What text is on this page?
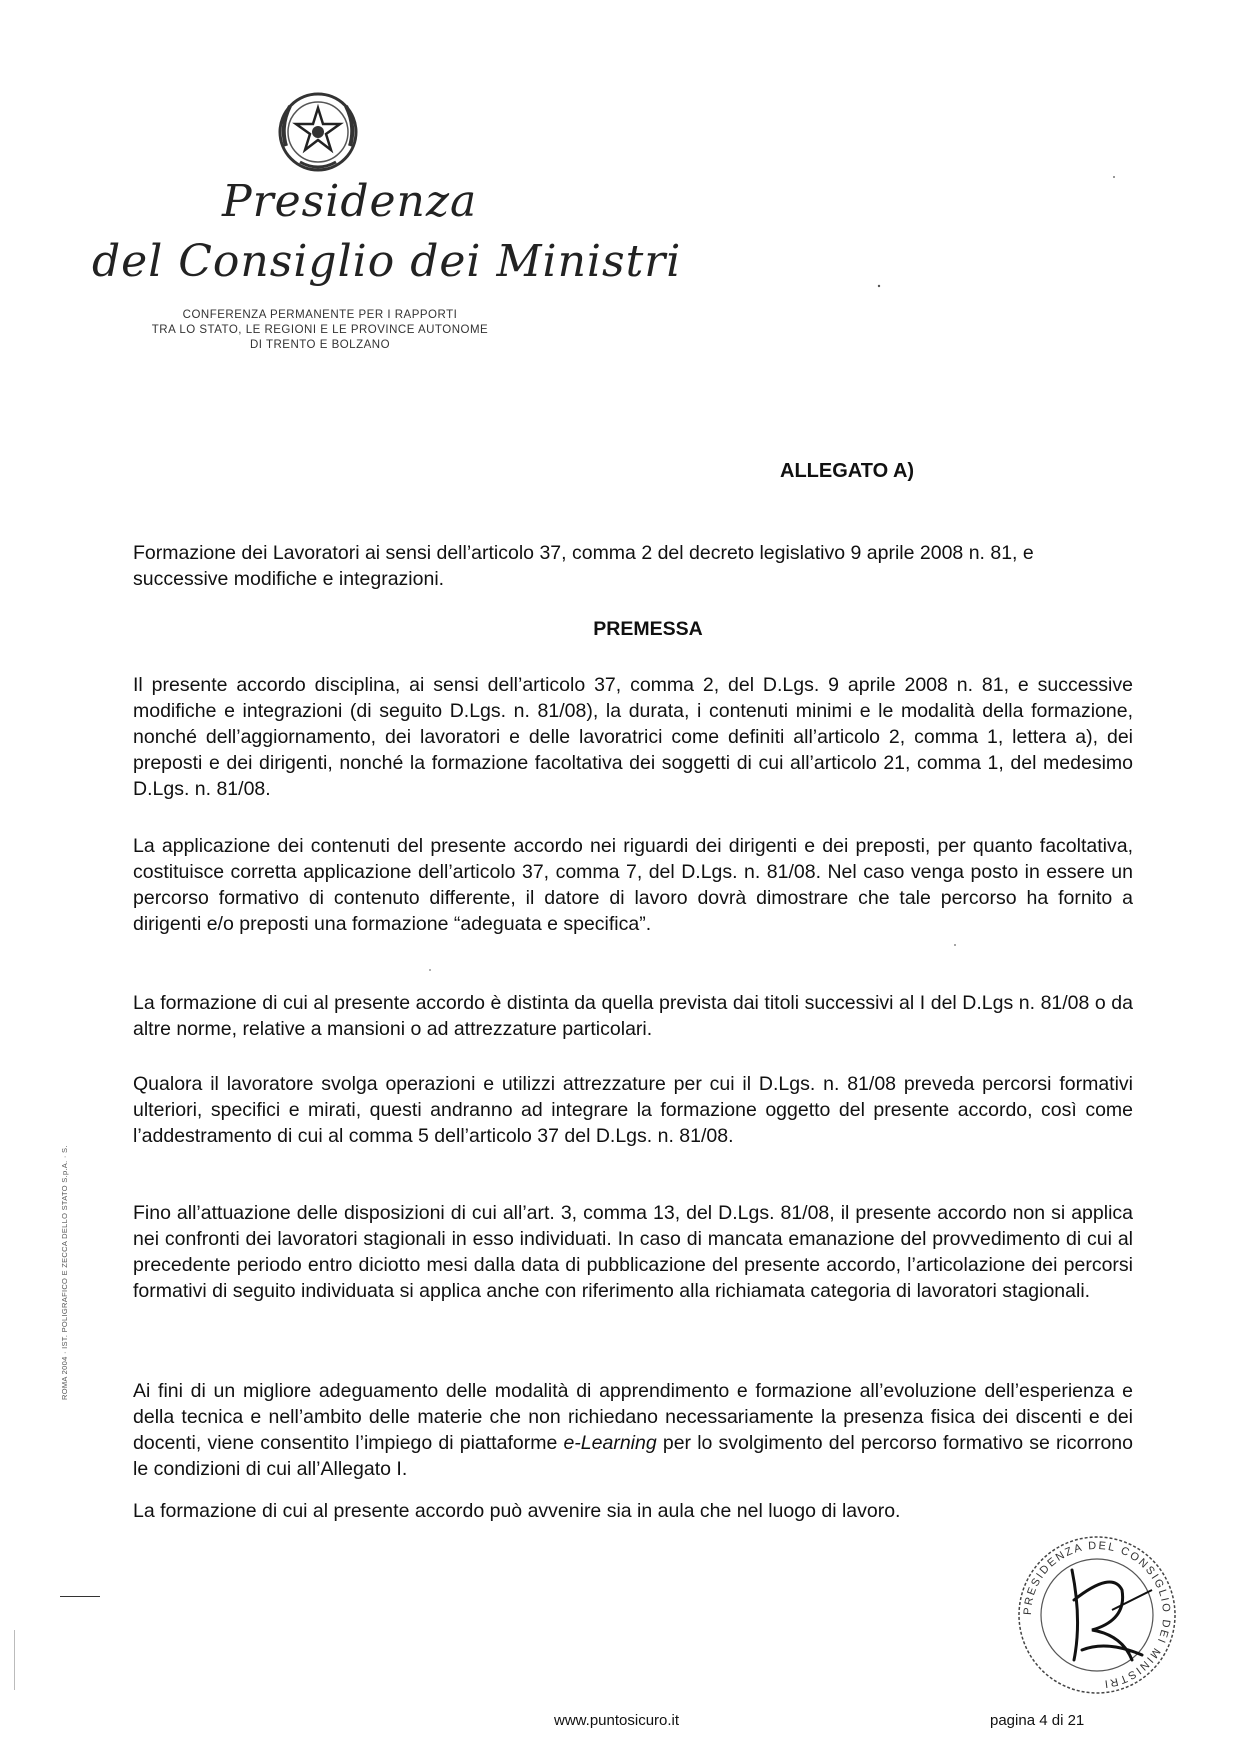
Presidenza
del Consiglio dei Ministri
CONFERENZA PERMANENTE PER I RAPPORTI
TRA LO STATO, LE REGIONI E LE PROVINCE AUTONOME
DI TRENTO E BOLZANO
ALLEGATO A)
Formazione dei Lavoratori ai sensi dell’articolo 37, comma 2 del decreto legislativo 9 aprile 2008 n. 81, e successive modifiche e integrazioni.
PREMESSA
Il presente accordo disciplina, ai sensi dell’articolo 37, comma 2, del D.Lgs. 9 aprile 2008 n. 81, e successive modifiche e integrazioni (di seguito D.Lgs. n. 81/08), la durata, i contenuti minimi e le modalità della formazione, nonché dell’aggiornamento, dei lavoratori e delle lavoratrici come definiti all’articolo 2, comma 1, lettera a), dei preposti e dei dirigenti, nonché la formazione facoltativa dei soggetti di cui all’articolo 21, comma 1, del medesimo D.Lgs. n. 81/08.
La applicazione dei contenuti del presente accordo nei riguardi dei dirigenti e dei preposti, per quanto facoltativa, costituisce corretta applicazione dell’articolo 37, comma 7, del D.Lgs. n. 81/08. Nel caso venga posto in essere un percorso formativo di contenuto differente, il datore di lavoro dovrà dimostrare che tale percorso ha fornito a dirigenti e/o preposti una formazione “adeguata e specifica”.
La formazione di cui al presente accordo è distinta da quella prevista dai titoli successivi al I del D.Lgs n. 81/08 o da altre norme, relative a mansioni o ad attrezzature particolari.
Qualora il lavoratore svolga operazioni e utilizzi attrezzature per cui il D.Lgs. n. 81/08 preveda percorsi formativi ulteriori, specifici e mirati, questi andranno ad integrare la formazione oggetto del presente accordo, così come l’addestramento di cui al comma 5 dell’articolo 37 del D.Lgs. n. 81/08.
Fino all’attuazione delle disposizioni di cui all’art. 3, comma 13, del D.Lgs. 81/08, il presente accordo non si applica nei confronti dei lavoratori stagionali in esso individuati. In caso di mancata emanazione del provvedimento di cui al precedente periodo entro diciotto mesi dalla data di pubblicazione del presente accordo, l’articolazione dei percorsi formativi di seguito individuata si applica anche con riferimento alla richiamata categoria di lavoratori stagionali.
Ai fini di un migliore adeguamento delle modalità di apprendimento e formazione all’evoluzione dell’esperienza e della tecnica e nell’ambito delle materie che non richiedano necessariamente la presenza fisica dei discenti e dei docenti, viene consentito l’impiego di piattaforme e-Learning per lo svolgimento del percorso formativo se ricorrono le condizioni di cui all’Allegato I.
La formazione di cui al presente accordo può avvenire sia in aula che nel luogo di lavoro.
ROMA 2004 · IST. POLIGRAFICO E ZECCA DELLO STATO S.p.A. · S.
PRESIDENZA DEL CONSIGLIO DEI MINISTRI
www.puntosicuro.it	pagina 4 di 21
